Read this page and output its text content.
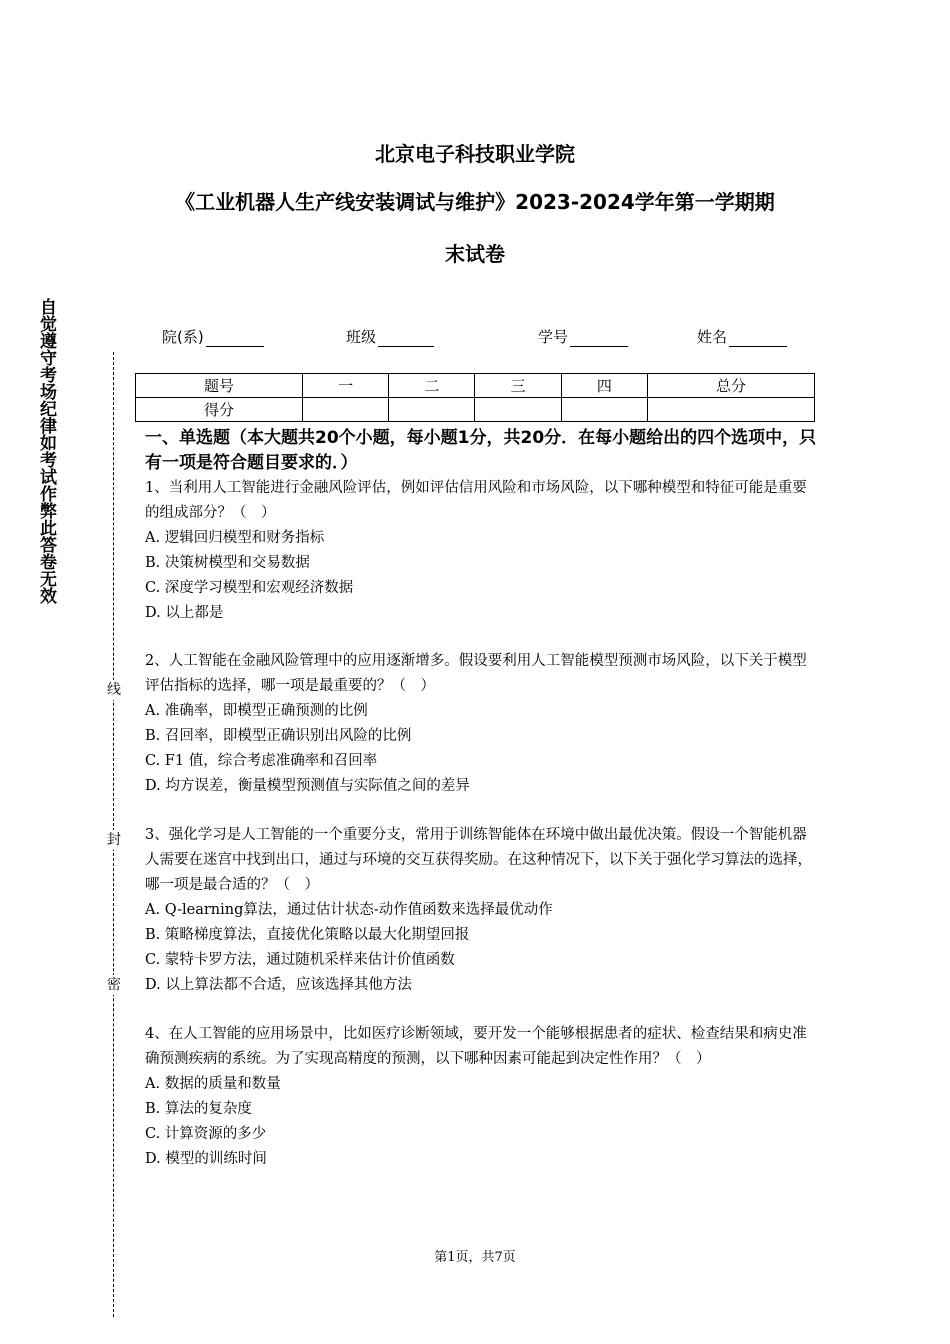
自觉遵守考场纪律如考试作弊此答卷无效
线
封
密
北京电子科技职业学院
《工业机器人生产线安装调试与维护》2023-2024学年第一学期期
末试卷
院(系)	班级	学号	姓名
题号	一	二	三	四	总分
得分					
一、单选题（本大题共20个小题，每小题1分，共20分．在每小题给出的四个选项中，只有一项是符合题目要求的．）

1、当利用人工智能进行金融风险评估，例如评估信用风险和市场风险，以下哪种模型和特征可能是重要的组成部分？（　）

A. 逻辑回归模型和财务指标

B. 决策树模型和交易数据

C. 深度学习模型和宏观经济数据

D. 以上都是

2、人工智能在金融风险管理中的应用逐渐增多。假设要利用人工智能模型预测市场风险，以下关于模型评估指标的选择，哪一项是最重要的？（　）

A. 准确率，即模型正确预测的比例

B. 召回率，即模型正确识别出风险的比例

C. F1 值，综合考虑准确率和召回率

D. 均方误差，衡量模型预测值与实际值之间的差异

3、强化学习是人工智能的一个重要分支，常用于训练智能体在环境中做出最优决策。假设一个智能机器人需要在迷宫中找到出口，通过与环境的交互获得奖励。在这种情况下，以下关于强化学习算法的选择，哪一项是最合适的？（　）

A. Q-learning算法，通过估计状态-动作值函数来选择最优动作

B. 策略梯度算法，直接优化策略以最大化期望回报

C. 蒙特卡罗方法，通过随机采样来估计价值函数

D. 以上算法都不合适，应该选择其他方法

4、在人工智能的应用场景中，比如医疗诊断领域，要开发一个能够根据患者的症状、检查结果和病史准确预测疾病的系统。为了实现高精度的预测，以下哪种因素可能起到决定性作用？（　）

A. 数据的质量和数量

B. 算法的复杂度

C. 计算资源的多少

D. 模型的训练时间

第1页，共7页
